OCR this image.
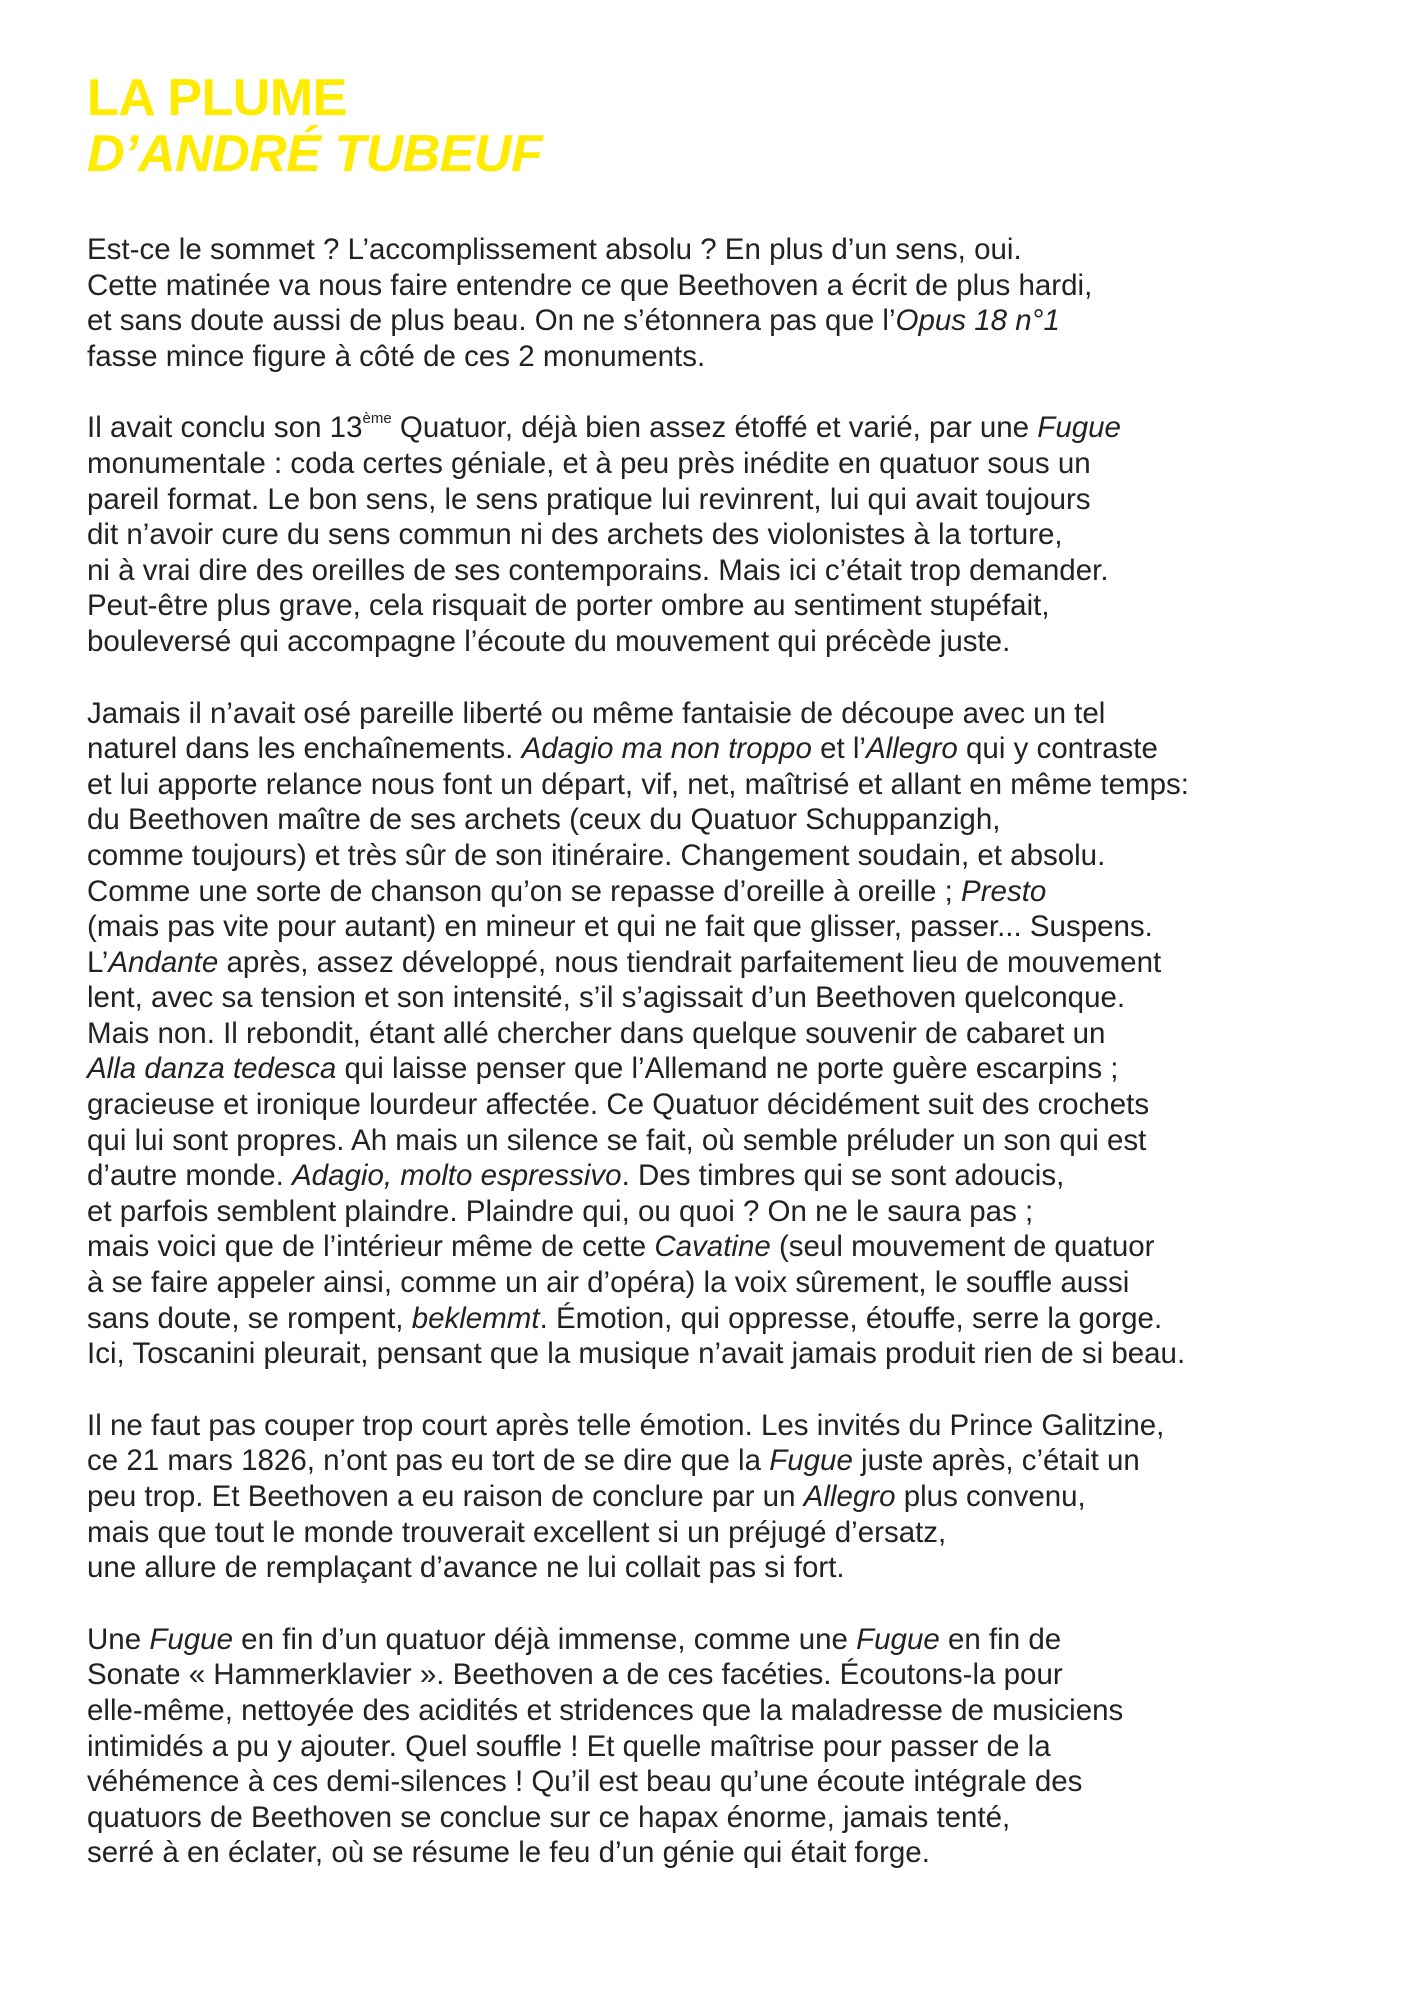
LA PLUME
D’ANDRÉ TUBEUF

Est-ce le sommet ? L’accomplissement absolu ? En plus d’un sens, oui.
Cette matinée va nous faire entendre ce que Beethoven a écrit de plus hardi,
et sans doute aussi de plus beau. On ne s’étonnera pas que l’Opus 18 n°1
fasse mince figure à côté de ces 2 monuments.

Il avait conclu son 13ème Quatuor, déjà bien assez étoffé et varié, par une Fugue
monumentale : coda certes géniale, et à peu près inédite en quatuor sous un
pareil format. Le bon sens, le sens pratique lui revinrent, lui qui avait toujours
dit n’avoir cure du sens commun ni des archets des violonistes à la torture,
ni à vrai dire des oreilles de ses contemporains. Mais ici c’était trop demander.
Peut-être plus grave, cela risquait de porter ombre au sentiment stupéfait,
bouleversé qui accompagne l’écoute du mouvement qui précède juste.

Jamais il n’avait osé pareille liberté ou même fantaisie de découpe avec un tel
naturel dans les enchaînements. Adagio ma non troppo et l’Allegro qui y contraste
et lui apporte relance nous font un départ, vif, net, maîtrisé et allant en même temps:
du Beethoven maître de ses archets (ceux du Quatuor Schuppanzigh,
comme toujours) et très sûr de son itinéraire. Changement soudain, et absolu.
Comme une sorte de chanson qu’on se repasse d’oreille à oreille ; Presto
(mais pas vite pour autant) en mineur et qui ne fait que glisser, passer... Suspens.
L’Andante après, assez développé, nous tiendrait parfaitement lieu de mouvement
lent, avec sa tension et son intensité, s’il s’agissait d’un Beethoven quelconque.
Mais non. Il rebondit, étant allé chercher dans quelque souvenir de cabaret un
Alla danza tedesca qui laisse penser que l’Allemand ne porte guère escarpins ;
gracieuse et ironique lourdeur affectée. Ce Quatuor décidément suit des crochets
qui lui sont propres. Ah mais un silence se fait, où semble préluder un son qui est
d’autre monde. Adagio, molto espressivo. Des timbres qui se sont adoucis,
et parfois semblent plaindre. Plaindre qui, ou quoi ? On ne le saura pas ;
mais voici que de l’intérieur même de cette Cavatine (seul mouvement de quatuor
à se faire appeler ainsi, comme un air d’opéra) la voix sûrement, le souffle aussi
sans doute, se rompent, beklemmt. Émotion, qui oppresse, étouffe, serre la gorge.
Ici, Toscanini pleurait, pensant que la musique n’avait jamais produit rien de si beau.

Il ne faut pas couper trop court après telle émotion. Les invités du Prince Galitzine,
ce 21 mars 1826, n’ont pas eu tort de se dire que la Fugue juste après, c’était un
peu trop. Et Beethoven a eu raison de conclure par un Allegro plus convenu,
mais que tout le monde trouverait excellent si un préjugé d’ersatz,
une allure de remplaçant d’avance ne lui collait pas si fort.

Une Fugue en fin d’un quatuor déjà immense, comme une Fugue en fin de
Sonate « Hammerklavier ». Beethoven a de ces facéties. Écoutons-la pour
elle-même, nettoyée des acidités et stridences que la maladresse de musiciens
intimidés a pu y ajouter. Quel souffle ! Et quelle maîtrise pour passer de la
véhémence à ces demi-silences ! Qu’il est beau qu’une écoute intégrale des
quatuors de Beethoven se conclue sur ce hapax énorme, jamais tenté,
serré à en éclater, où se résume le feu d’un génie qui était forge.
